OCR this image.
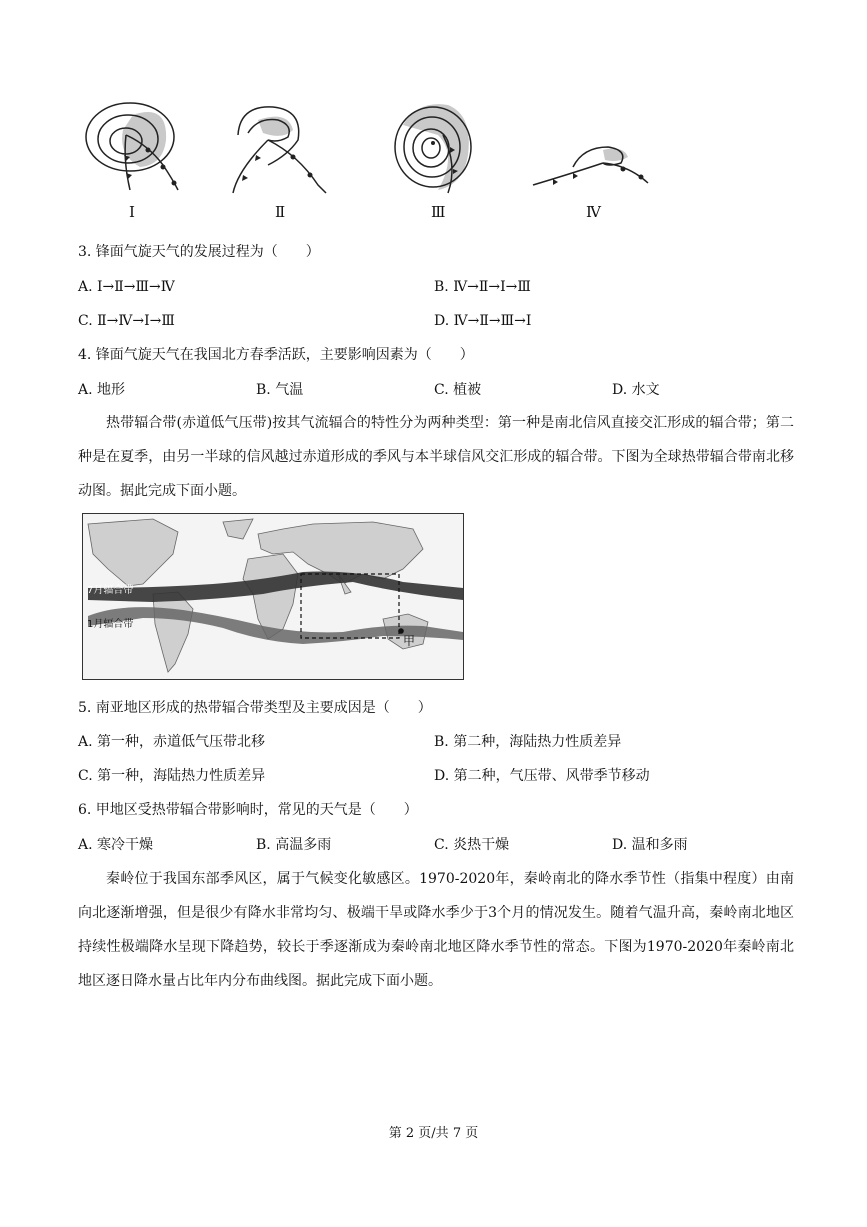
Ⅰ	Ⅱ	Ⅲ	Ⅳ
3. 锋面气旋天气的发展过程为（　　）
A. Ⅰ→Ⅱ→Ⅲ→Ⅳ	B. Ⅳ→Ⅱ→Ⅰ→Ⅲ
C. Ⅱ→Ⅳ→Ⅰ→Ⅲ	D. Ⅳ→Ⅱ→Ⅲ→Ⅰ
4. 锋面气旋天气在我国北方春季活跃，主要影响因素为（　　）
A. 地形	B. 气温	C. 植被	D. 水文
热带辐合带(赤道低气压带)按其气流辐合的特性分为两种类型：第一种是南北信风直接交汇形成的辐合带；第二种是在夏季，由另一半球的信风越过赤道形成的季风与本半球信风交汇形成的辐合带。下图为全球热带辐合带南北移动图。据此完成下面小题。
7月辐合带
1月辐合带
甲
5. 南亚地区形成的热带辐合带类型及主要成因是（　　）
A. 第一种，赤道低气压带北移	B. 第二种，海陆热力性质差异
C. 第一种，海陆热力性质差异	D. 第二种，气压带、风带季节移动
6. 甲地区受热带辐合带影响时，常见的天气是（　　）
A. 寒冷干燥	B. 高温多雨	C. 炎热干燥	D. 温和多雨
秦岭位于我国东部季风区，属于气候变化敏感区。1970-2020年，秦岭南北的降水季节性（指集中程度）由南向北逐渐增强，但是很少有降水非常均匀、极端干旱或降水季少于3个月的情况发生。随着气温升高，秦岭南北地区持续性极端降水呈现下降趋势，较长于季逐渐成为秦岭南北地区降水季节性的常态。下图为1970-2020年秦岭南北地区逐日降水量占比年内分布曲线图。据此完成下面小题。
第 2 页/共 7 页
